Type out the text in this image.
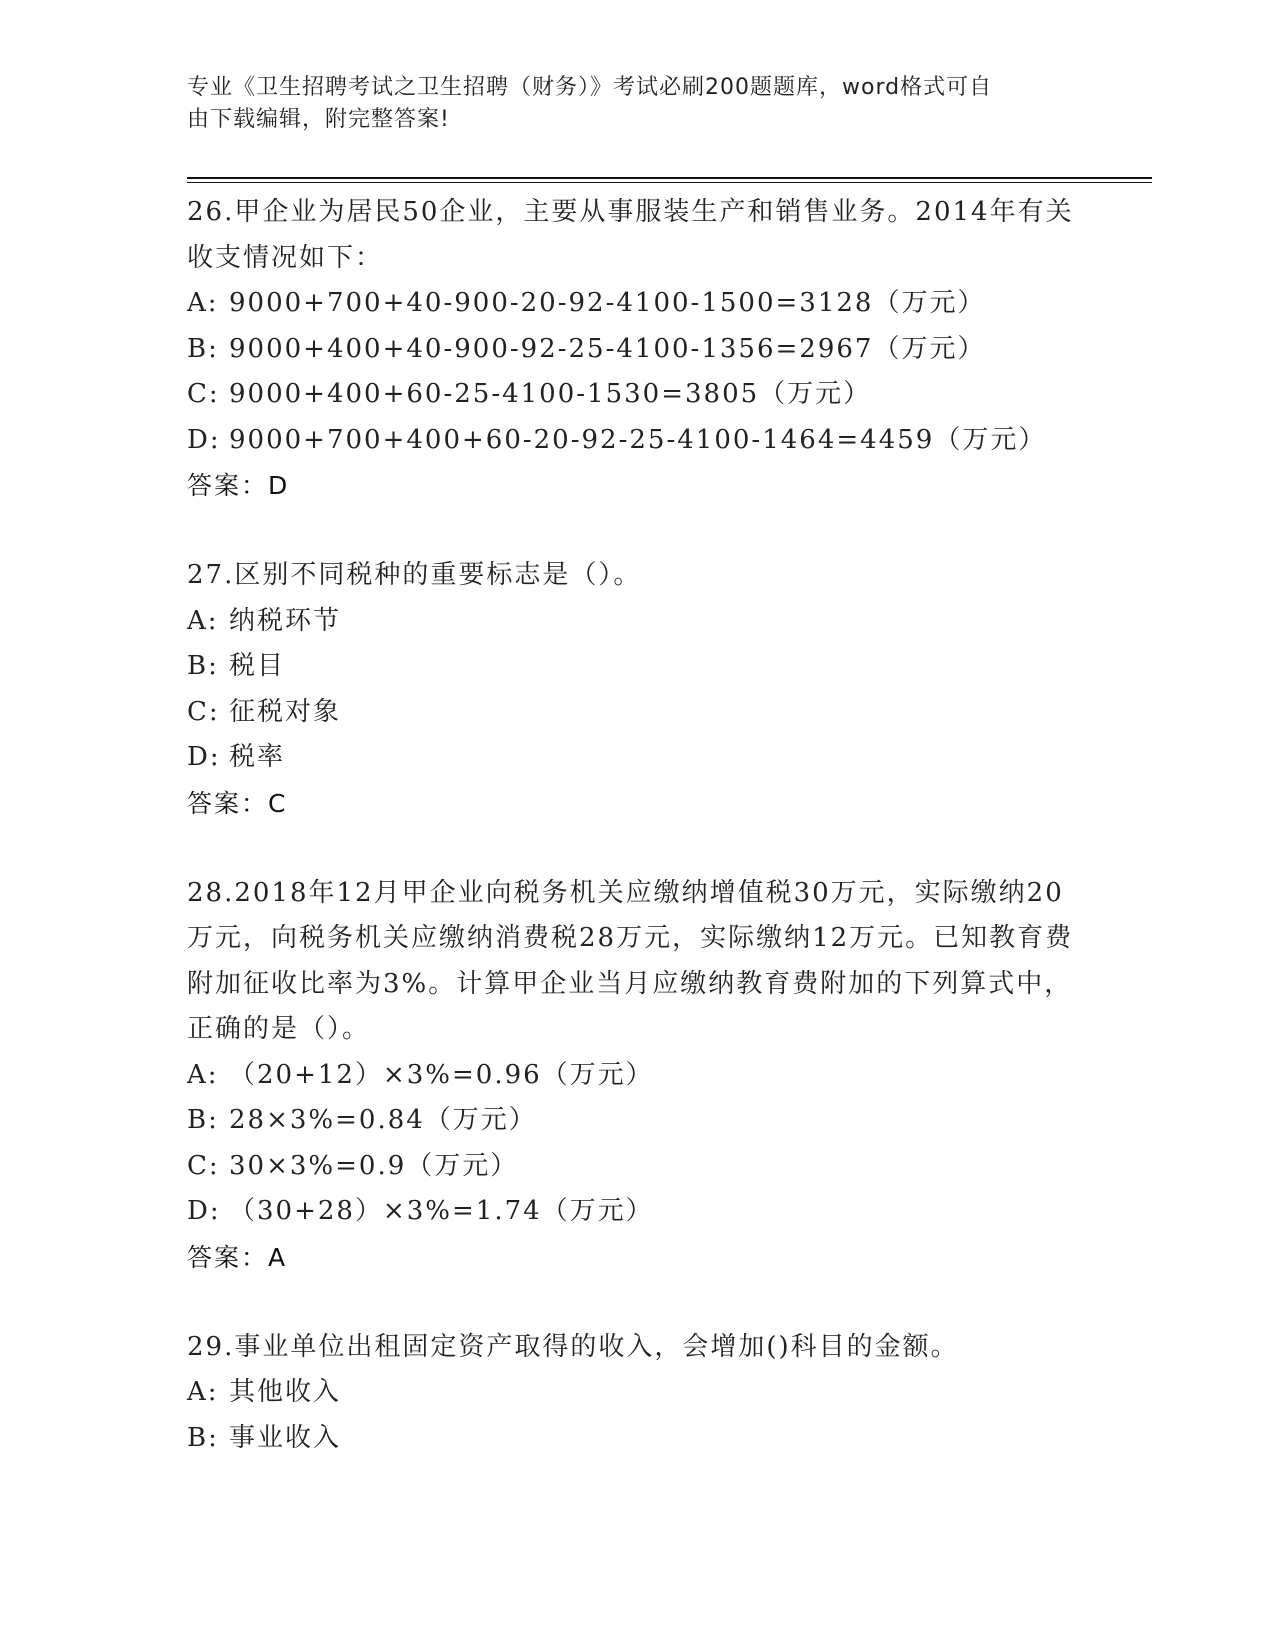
专业《卫生招聘考试之卫生招聘（财务）》考试必刷200题题库，word格式可自
由下载编辑，附完整答案!

26.甲企业为居民50企业，主要从事服装生产和销售业务。2014年有关收支情况如下：

A: 9000+700+40-900-20-92-4100-1500=3128（万元）

B: 9000+400+40-900-92-25-4100-1356=2967（万元）

C: 9000+400+60-25-4100-1530=3805（万元）

D: 9000+700+400+60-20-92-25-4100-1464=4459（万元）

答案：D

27.区别不同税种的重要标志是（）。

A: 纳税环节

B: 税目

C: 征税对象

D: 税率

答案：C

28.2018年12月甲企业向税务机关应缴纳增值税30万元，实际缴纳20万元，向税务机关应缴纳消费税28万元，实际缴纳12万元。已知教育费附加征收比率为3%。计算甲企业当月应缴纳教育费附加的下列算式中，正确的是（）。

A: （20+12）×3%=0.96（万元）

B: 28×3%=0.84（万元）

C: 30×3%=0.9（万元）

D: （30+28）×3%=1.74（万元）

答案：A

29.事业单位出租固定资产取得的收入，会增加()科目的金额。

A: 其他收入

B: 事业收入
